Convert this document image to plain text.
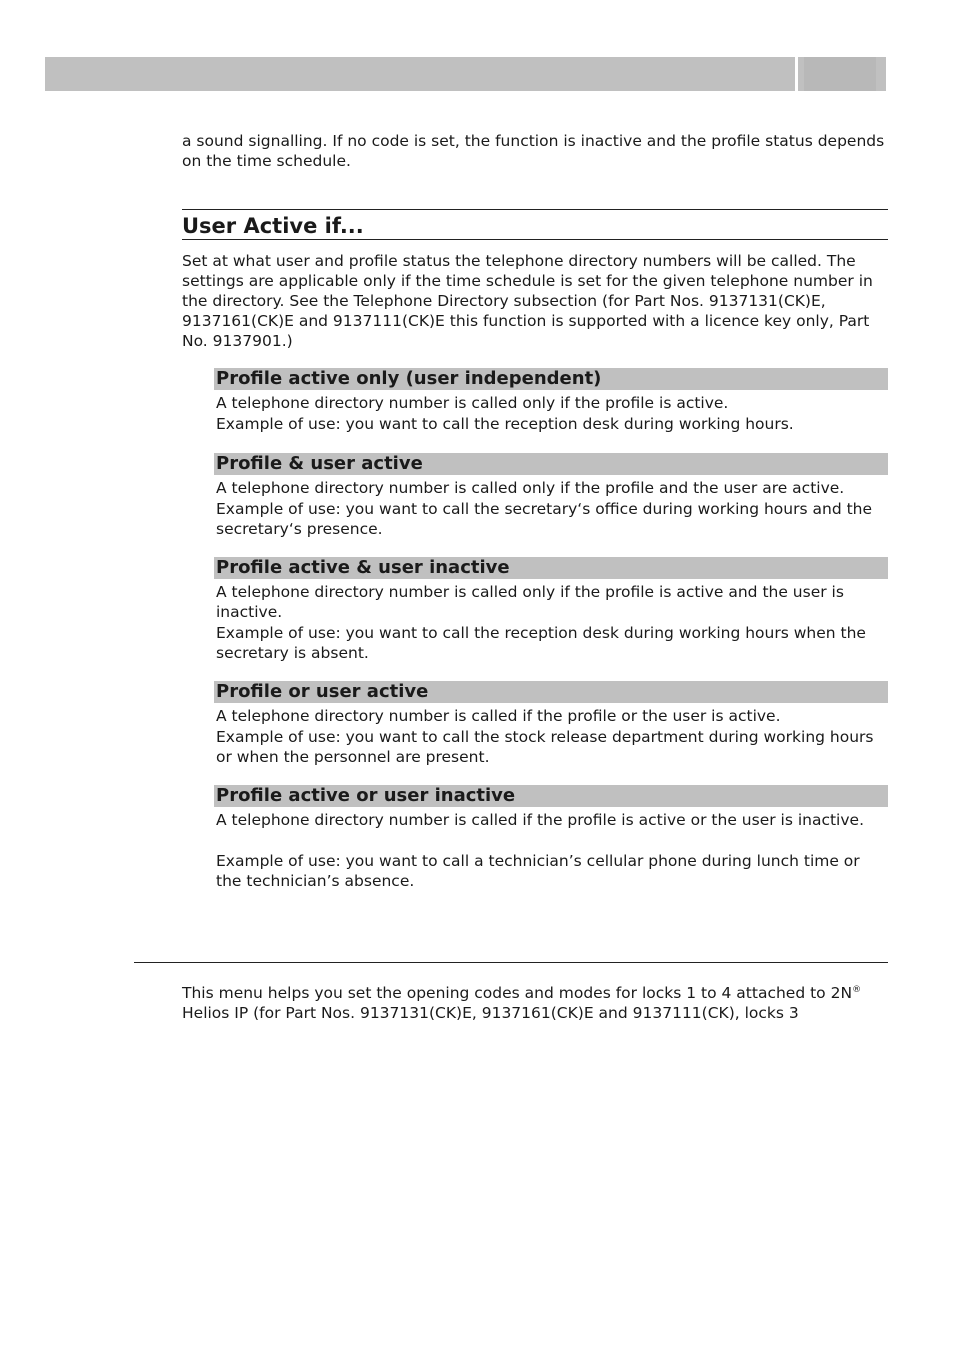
a sound signalling. If no code is set, the function is inactive and the profile status depends on the time schedule.

User Active if...

Set at what user and profile status the telephone directory numbers will be called. The settings are applicable only if the time schedule is set for the given telephone number in the directory. See the Telephone Directory subsection (for Part Nos. 9137131(CK)E, 9137161(CK)E and 9137111(CK)E this function is supported with a licence key only, Part No. 9137901.)

Profile active only (user independent)

A telephone directory number is called only if the profile is active.

Example of use: you want to call the reception desk during working hours.

Profile & user active

A telephone directory number is called only if the profile and the user are active.

Example of use: you want to call the secretary‘s office during working hours and the secretary‘s presence.

Profile active & user inactive

A telephone directory number is called only if the profile is active and the user is inactive.

Example of use: you want to call the reception desk during working hours when the secretary is absent.

Profile or user active

A telephone directory number is called if the profile or the user is active.

Example of use: you want to call the stock release department during working hours or when the personnel are present.

Profile active or user inactive

A telephone directory number is called if the profile is active or the user is inactive.

Example of use: you want to call a technician’s cellular phone during lunch time or the technician’s absence.

This menu helps you set the opening codes and modes for locks 1 to 4 attached to 2N® Helios IP (for Part Nos. 9137131(CK)E, 9137161(CK)E and 9137111(CK), locks 3
